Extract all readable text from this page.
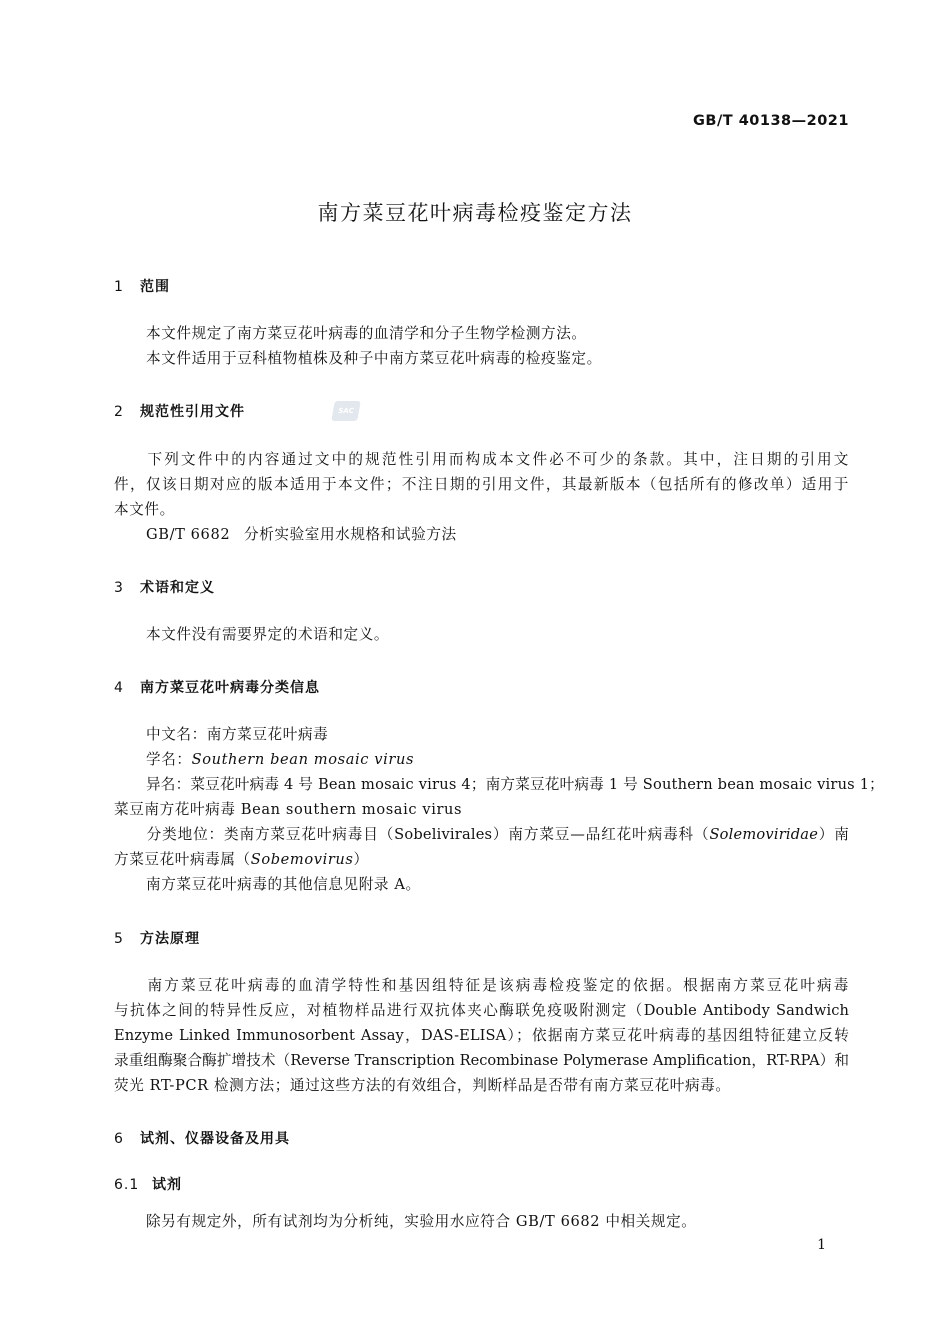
GB/T 40138—2021
南方菜豆花叶病毒检疫鉴定方法
SAC
1 范围
本文件规定了南方菜豆花叶病毒的血清学和分子生物学检测方法。
本文件适用于豆科植物植株及种子中南方菜豆花叶病毒的检疫鉴定。
2 规范性引用文件
下列文件中的内容通过文中的规范性引用而构成本文件必不可少的条款。其中，注日期的引用文
件，仅该日期对应的版本适用于本文件；不注日期的引用文件，其最新版本（包括所有的修改单）适用于
本文件。
GB/T 6682 分析实验室用水规格和试验方法
3 术语和定义
本文件没有需要界定的术语和定义。
4 南方菜豆花叶病毒分类信息
中文名：南方菜豆花叶病毒
学名：Southern bean mosaic virus
异名：菜豆花叶病毒 4 号 Bean mosaic virus 4；南方菜豆花叶病毒 1 号 Southern bean mosaic virus 1；
菜豆南方花叶病毒 Bean southern mosaic virus
分类地位：类南方菜豆花叶病毒目（Sobelivirales）南方菜豆—品红花叶病毒科（Solemoviridae）南
方菜豆花叶病毒属（Sobemovirus）
南方菜豆花叶病毒的其他信息见附录 A。
5 方法原理
南方菜豆花叶病毒的血清学特性和基因组特征是该病毒检疫鉴定的依据。根据南方菜豆花叶病毒
与抗体之间的特异性反应，对植物样品进行双抗体夹心酶联免疫吸附测定（Double Antibody Sandwich
Enzyme Linked Immunosorbent Assay，DAS-ELISA）；依据南方菜豆花叶病毒的基因组特征建立反转
录重组酶聚合酶扩增技术（Reverse Transcription Recombinase Polymerase Amplification，RT-RPA）和
荧光 RT-PCR 检测方法；通过这些方法的有效组合，判断样品是否带有南方菜豆花叶病毒。
6 试剂、仪器设备及用具
6.1 试剂
除另有规定外，所有试剂均为分析纯，实验用水应符合 GB/T 6682 中相关规定。
1
